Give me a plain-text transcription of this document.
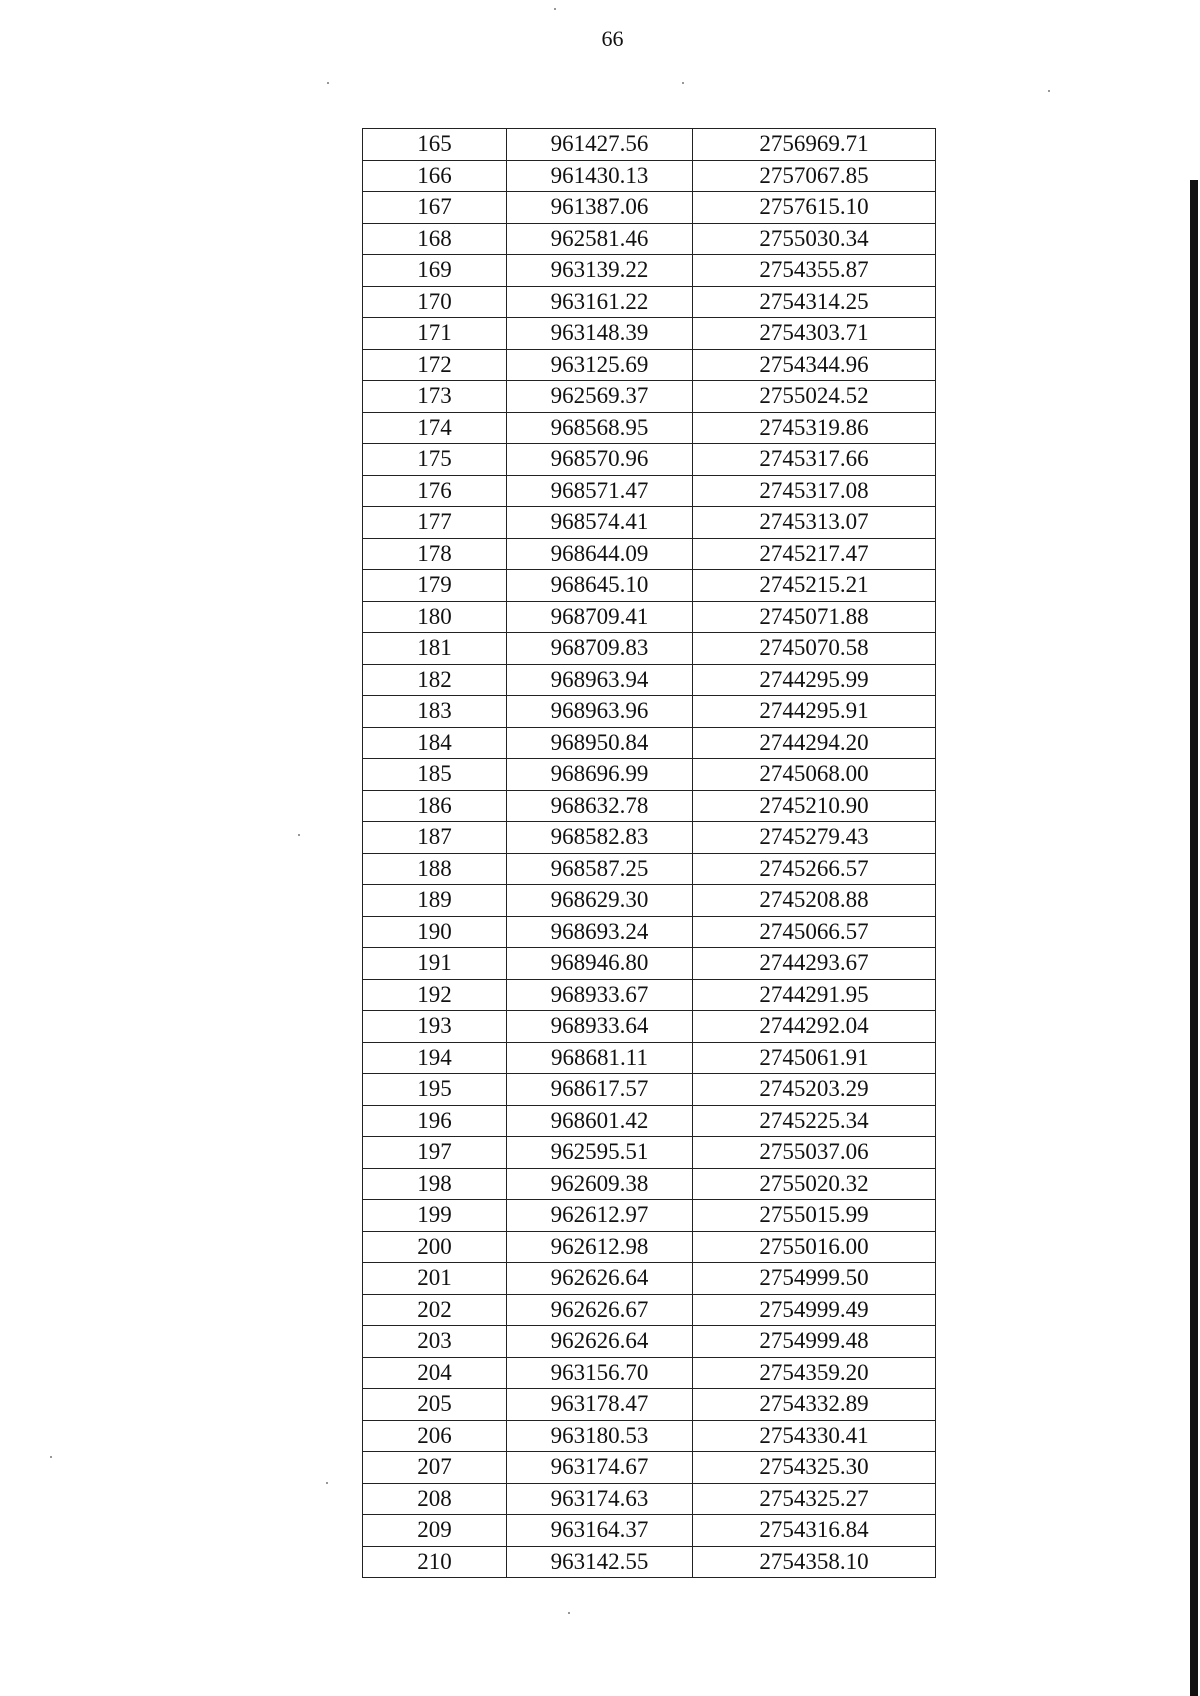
66
165	961427.56	2756969.71
166	961430.13	2757067.85
167	961387.06	2757615.10
168	962581.46	2755030.34
169	963139.22	2754355.87
170	963161.22	2754314.25
171	963148.39	2754303.71
172	963125.69	2754344.96
173	962569.37	2755024.52
174	968568.95	2745319.86
175	968570.96	2745317.66
176	968571.47	2745317.08
177	968574.41	2745313.07
178	968644.09	2745217.47
179	968645.10	2745215.21
180	968709.41	2745071.88
181	968709.83	2745070.58
182	968963.94	2744295.99
183	968963.96	2744295.91
184	968950.84	2744294.20
185	968696.99	2745068.00
186	968632.78	2745210.90
187	968582.83	2745279.43
188	968587.25	2745266.57
189	968629.30	2745208.88
190	968693.24	2745066.57
191	968946.80	2744293.67
192	968933.67	2744291.95
193	968933.64	2744292.04
194	968681.11	2745061.91
195	968617.57	2745203.29
196	968601.42	2745225.34
197	962595.51	2755037.06
198	962609.38	2755020.32
199	962612.97	2755015.99
200	962612.98	2755016.00
201	962626.64	2754999.50
202	962626.67	2754999.49
203	962626.64	2754999.48
204	963156.70	2754359.20
205	963178.47	2754332.89
206	963180.53	2754330.41
207	963174.67	2754325.30
208	963174.63	2754325.27
209	963164.37	2754316.84
210	963142.55	2754358.10
